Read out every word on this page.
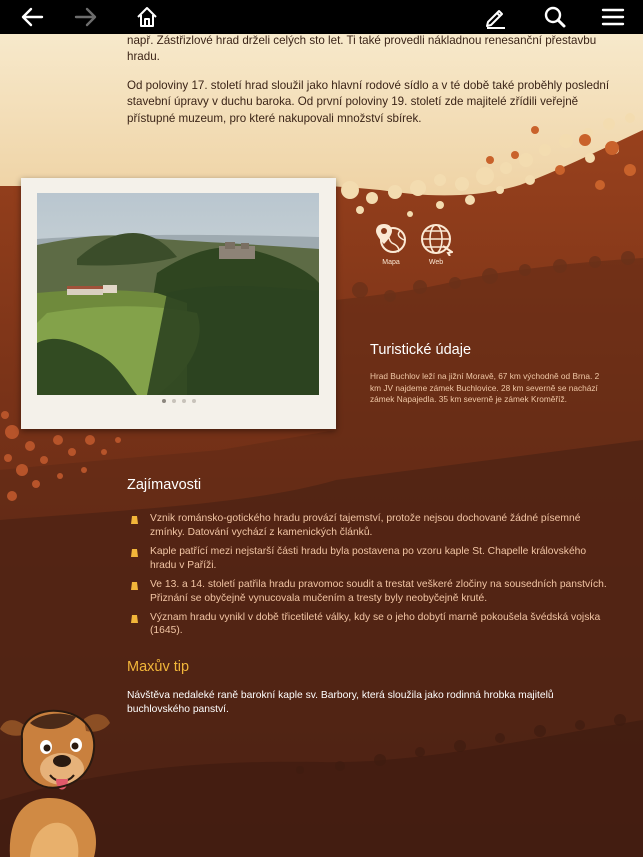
např. Zástřizlové hrad drželi celých sto let. Ti také provedli nákladnou renesanční přestavbu hradu.

Od poloviny 17. století hrad sloužil jako hlavní rodové sídlo a v té době také proběhly poslední stavební úpravy v duchu baroka. Od první poloviny 19. století zde majitelé zřídili veřejně přístupné muzeum, pro které nakupovali množství sbírek.

Mapa	Web
Turistické údaje
Hrad Buchlov leží na jižní Moravě, 67 km východně od Brna. 2 km JV najdeme zámek Buchlovice. 28 km severně se nachází zámek Napajedla. 35 km severně je zámek Kroměříž.
Zajímavosti
Vznik románsko-gotického hradu provází tajemství, protože nejsou dochované žádné písemné zmínky. Datování vychází z kamenických článků.
Kaple patřící mezi nejstarší části hradu byla postavena po vzoru kaple St. Chapelle královského hradu v Paříži.
Ve 13. a 14. století patřila hradu pravomoc soudit a trestat veškeré zločiny na sousedních panstvích. Přiznání se obyčejně vynucovala mučením a tresty byly neobyčejně kruté.
Význam hradu vynikl v době třicetileté války, kdy se o jeho dobytí marně pokoušela švédská vojska (1645).
Maxův tip
Návštěva nedaleké raně barokní kaple sv. Barbory, která sloužila jako rodinná hrobka majitelů buchlovského panství.
